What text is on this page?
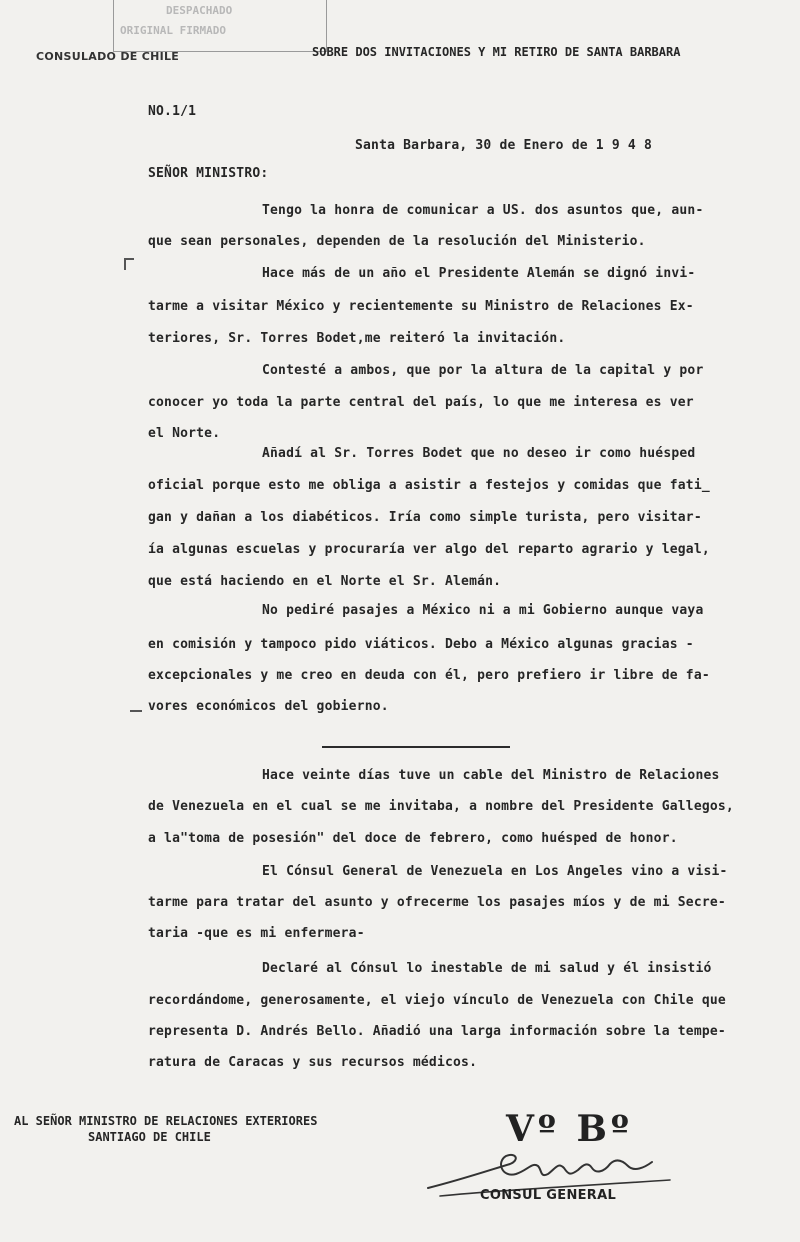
DESPACHADO
ORIGINAL FIRMADO
CONSULADO DE CHILE	SOBRE DOS INVITACIONES Y MI RETIRO DE SANTA BARBARA
NO.1/1
Santa Barbara, 30 de Enero de 1 9 4 8
SEÑOR MINISTRO:
Tengo la honra de comunicar a US. dos asuntos que, aun-
que sean personales, dependen de la resolución del Ministerio.
Hace más de un año el Presidente Alemán se dignó invi-
tarme a visitar México y recientemente su Ministro de Relaciones Ex-
teriores, Sr. Torres Bodet,me reiteró la invitación.
Contesté a ambos, que por la altura de la capital y por
conocer yo toda la parte central del país, lo que me interesa es ver
el Norte.
Añadí al Sr. Torres Bodet que no deseo ir como huésped
oficial porque esto me obliga a asistir a festejos y comidas que fati_
gan y dañan a los diabéticos. Iría como simple turista, pero visitar-
ía algunas escuelas y procuraría ver algo del reparto agrario y legal,
que está haciendo en el Norte el Sr. Alemán.
No pediré pasajes a México ni a mi Gobierno aunque vaya
en comisión y tampoco pido viáticos. Debo a México algunas gracias -
excepcionales y me creo en deuda con él, pero prefiero ir libre de fa-
vores económicos del gobierno.
Hace veinte días tuve un cable del Ministro de Relaciones
de Venezuela en el cual se me invitaba, a nombre del Presidente Gallegos,
a la"toma de posesión" del doce de febrero, como huésped de honor.
El Cónsul General de Venezuela en Los Angeles vino a visi-
tarme para tratar del asunto y ofrecerme los pasajes míos y de mi Secre-
taria -que es mi enfermera-
Declaré al Cónsul lo inestable de mi salud y él insistió
recordándome, generosamente, el viejo vínculo de Venezuela con Chile que
representa D. Andrés Bello. Añadió una larga información sobre la tempe-
ratura de Caracas y sus recursos médicos.
AL SEÑOR MINISTRO DE RELACIONES EXTERIORES
SANTIAGO DE CHILE	Vº Bº
CONSUL GENERAL
